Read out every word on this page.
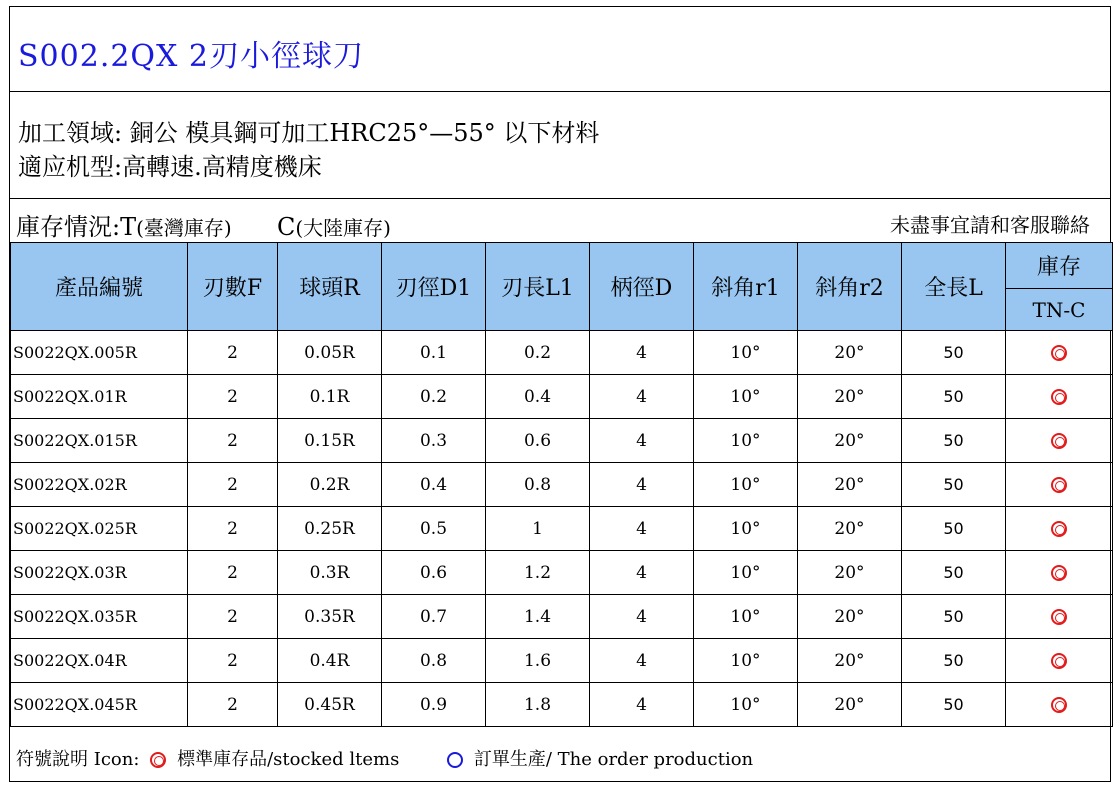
S002.2QX 2刃小徑球刀
加工領域: 銅公 模具鋼可加工HRC25°—55° 以下材料
適应机型:高轉速.高精度機床
庫存情況:T(臺灣庫存) C(大陸庫存)	未盡事宜請和客服聯絡
產品編號	刃數F	球頭R	刃徑D1	刃長L1	柄徑D	斜角r1	斜角r2	全長L	庫存
									TN-C
S0022QX.005R	2	0.05R	0.1	0.2	4	10°	20°	50	
S0022QX.01R	2	0.1R	0.2	0.4	4	10°	20°	50	
S0022QX.015R	2	0.15R	0.3	0.6	4	10°	20°	50	
S0022QX.02R	2	0.2R	0.4	0.8	4	10°	20°	50	
S0022QX.025R	2	0.25R	0.5	1	4	10°	20°	50	
S0022QX.03R	2	0.3R	0.6	1.2	4	10°	20°	50	
S0022QX.035R	2	0.35R	0.7	1.4	4	10°	20°	50	
S0022QX.04R	2	0.4R	0.8	1.6	4	10°	20°	50	
S0022QX.045R	2	0.45R	0.9	1.8	4	10°	20°	50	
符號說明 Icon: 標準庫存品/stocked ltems	訂單生產/ The order production
